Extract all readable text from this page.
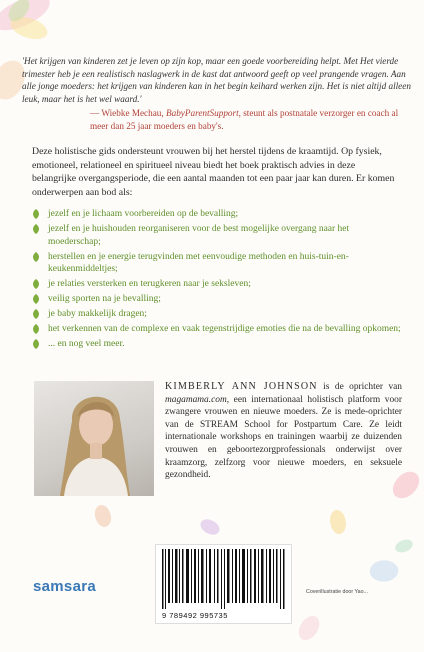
'Het krijgen van kinderen zet je leven op zijn kop, maar een goede voorbereiding helpt. Met Het vierde trimester heb je een realistisch naslagwerk in de kast dat antwoord geeft op veel prangende vragen. Aan alle jonge moeders: het krijgen van kinderen kan in het begin keihard werken zijn. Het is niet altijd alleen leuk, maar het is het wel waard.'
— Wiebke Mechau, BabyParentSupport, steunt als postnatale verzorger en coach al meer dan 25 jaar moeders en baby's.
Deze holistische gids ondersteunt vrouwen bij het herstel tijdens de kraamtijd. Op fysiek, emotioneel, relationeel en spiritueel niveau biedt het boek praktisch advies in deze belangrijke overgangsperiode, die een aantal maanden tot een paar jaar kan duren. Er komen onderwerpen aan bod als:
jezelf en je lichaam voorbereiden op de bevalling;
jezelf en je huishouden reorganiseren voor de best mogelijke overgang naar het moederschap;
herstellen en je energie terugvinden met eenvoudige methoden en huis-tuin-en-keukenmiddeltjes;
je relaties versterken en terugkeren naar je seksleven;
veilig sporten na je bevalling;
je baby makkelijk dragen;
het verkennen van de complexe en vaak tegenstrijdige emoties die na de bevalling opkomen;
... en nog veel meer.
KIMBERLY ANN JOHNSON is de oprichter van magamama.com, een internationaal holistisch platform voor zwangere vrouwen en nieuwe moeders. Ze is mede-oprichter van de STREAM School for Postpartum Care. Ze leidt internationale workshops en trainingen waarbij ze duizenden vrouwen en geboortezorgprofessionals onderwijst over kraamzorg, zelfzorg voor nieuwe moeders, en seksuele gezondheid.
samsara
9 789492 995735
Coverillustratie door Yao...
